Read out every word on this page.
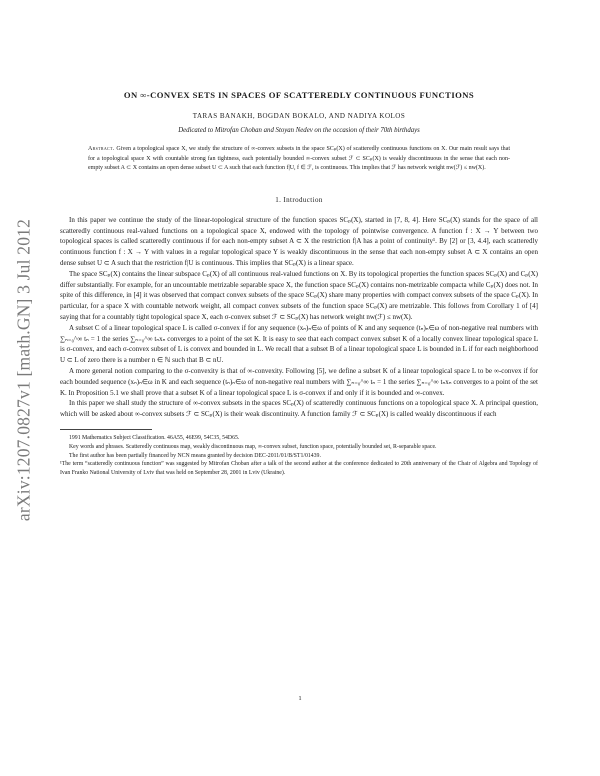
arXiv:1207.0827v1 [math.GN] 3 Jul 2012
ON ∞-CONVEX SETS IN SPACES OF SCATTEREDLY CONTINUOUS FUNCTIONS
TARAS BANAKH, BOGDAN BOKALO, AND NADIYA KOLOS
Dedicated to Mitrofan Choban and Stoyan Nedev on the occasion of their 70th birthdays
Abstract. Given a topological space X, we study the structure of ∞-convex subsets in the space SCₚ(X) of scatteredly continuous functions on X. Our main result says that for a topological space X with countable strong fan tightness, each potentially bounded ∞-convex subset ℱ ⊂ SCₚ(X) is weakly discontinuous in the sense that each non-empty subset A ⊂ X contains an open dense subset U ⊂ A such that each function f|U, f ∈ ℱ, is continuous. This implies that ℱ has network weight nw(ℱ) ≤ nw(X).
1. Introduction

In this paper we continue the study of the linear-topological structure of the function spaces SCₚ(X), started in [7, 8, 4]. Here SCₚ(X) stands for the space of all scatteredly continuous real-valued functions on a topological space X, endowed with the topology of pointwise convergence. A function f : X → Y between two topological spaces is called scatteredly continuous if for each non-empty subset A ⊂ X the restriction f|A has a point of continuity¹. By [2] or [3, 4.4], each scatteredly continuous function f : X → Y with values in a regular topological space Y is weakly discontinuous in the sense that each non-empty subset A ⊂ X contains an open dense subset U ⊂ A such that the restriction f|U is continuous. This implies that SCₚ(X) is a linear space.

The space SCₚ(X) contains the linear subspace Cₚ(X) of all continuous real-valued functions on X. By its topological properties the function spaces SCₚ(X) and Cₚ(X) differ substantially. For example, for an uncountable metrizable separable space X, the function space SCₚ(X) contains non-metrizable compacta while Cₚ(X) does not. In spite of this difference, in [4] it was observed that compact convex subsets of the space SCₚ(X) share many properties with compact convex subsets of the space Cₚ(X). In particular, for a space X with countable network weight, all compact convex subsets of the function space SCₚ(X) are metrizable. This follows from Corollary 1 of [4] saying that for a countably tight topological space X, each σ-convex subset ℱ ⊂ SCₚ(X) has network weight nw(ℱ) ≤ nw(X).

A subset C of a linear topological space L is called σ-convex if for any sequence (xₙ)ₙ∈ω of points of K and any sequence (tₙ)ₙ∈ω of non-negative real numbers with ∑ₙ₌₀^∞ tₙ = 1 the series ∑ₙ₌₀^∞ tₙxₙ converges to a point of the set K. It is easy to see that each compact convex subset K of a locally convex linear topological space L is σ-convex, and each σ-convex subset of L is convex and bounded in L. We recall that a subset B of a linear topological space L is bounded in L if for each neighborhood U ⊂ L of zero there is a number n ∈ ℕ such that B ⊂ nU.

A more general notion comparing to the σ-convexity is that of ∞-convexity. Following [5], we define a subset K of a linear topological space L to be ∞-convex if for each bounded sequence (xₙ)ₙ∈ω in K and each sequence (tₙ)ₙ∈ω of non-negative real numbers with ∑ₙ₌₀^∞ tₙ = 1 the series ∑ₙ₌₀^∞ tₙxₙ converges to a point of the set K. In Proposition 5.1 we shall prove that a subset K of a linear topological space L is σ-convex if and only if it is bounded and ∞-convex.

In this paper we shall study the structure of ∞-convex subsets in the spaces SCₚ(X) of scatteredly continuous functions on a topological space X. A principal question, which will be asked about ∞-convex subsets ℱ ⊂ SCₚ(X) is their weak discontinuity. A function family ℱ ⊂ SCₚ(X) is called weakly discontinuous if each

1991 Mathematics Subject Classification. 46A55, 46E99, 54C35, 54D65.

Key words and phrases. Scatteredly continuous map, weakly discontinuous map, ∞-convex subset, function space, potentially bounded set, R-separable space.

The first author has been partially financed by NCN means granted by decision DEC-2011/01/B/ST1/01439.

¹The term “scatteredly continuous function” was suggested by Mitrofan Choban after a talk of the second author at the conference dedicated to 20th anniversary of the Chair of Algebra and Topology of Ivan Franko National University of Lviv that was held on September 28, 2001 in Lviv (Ukraine).

1
